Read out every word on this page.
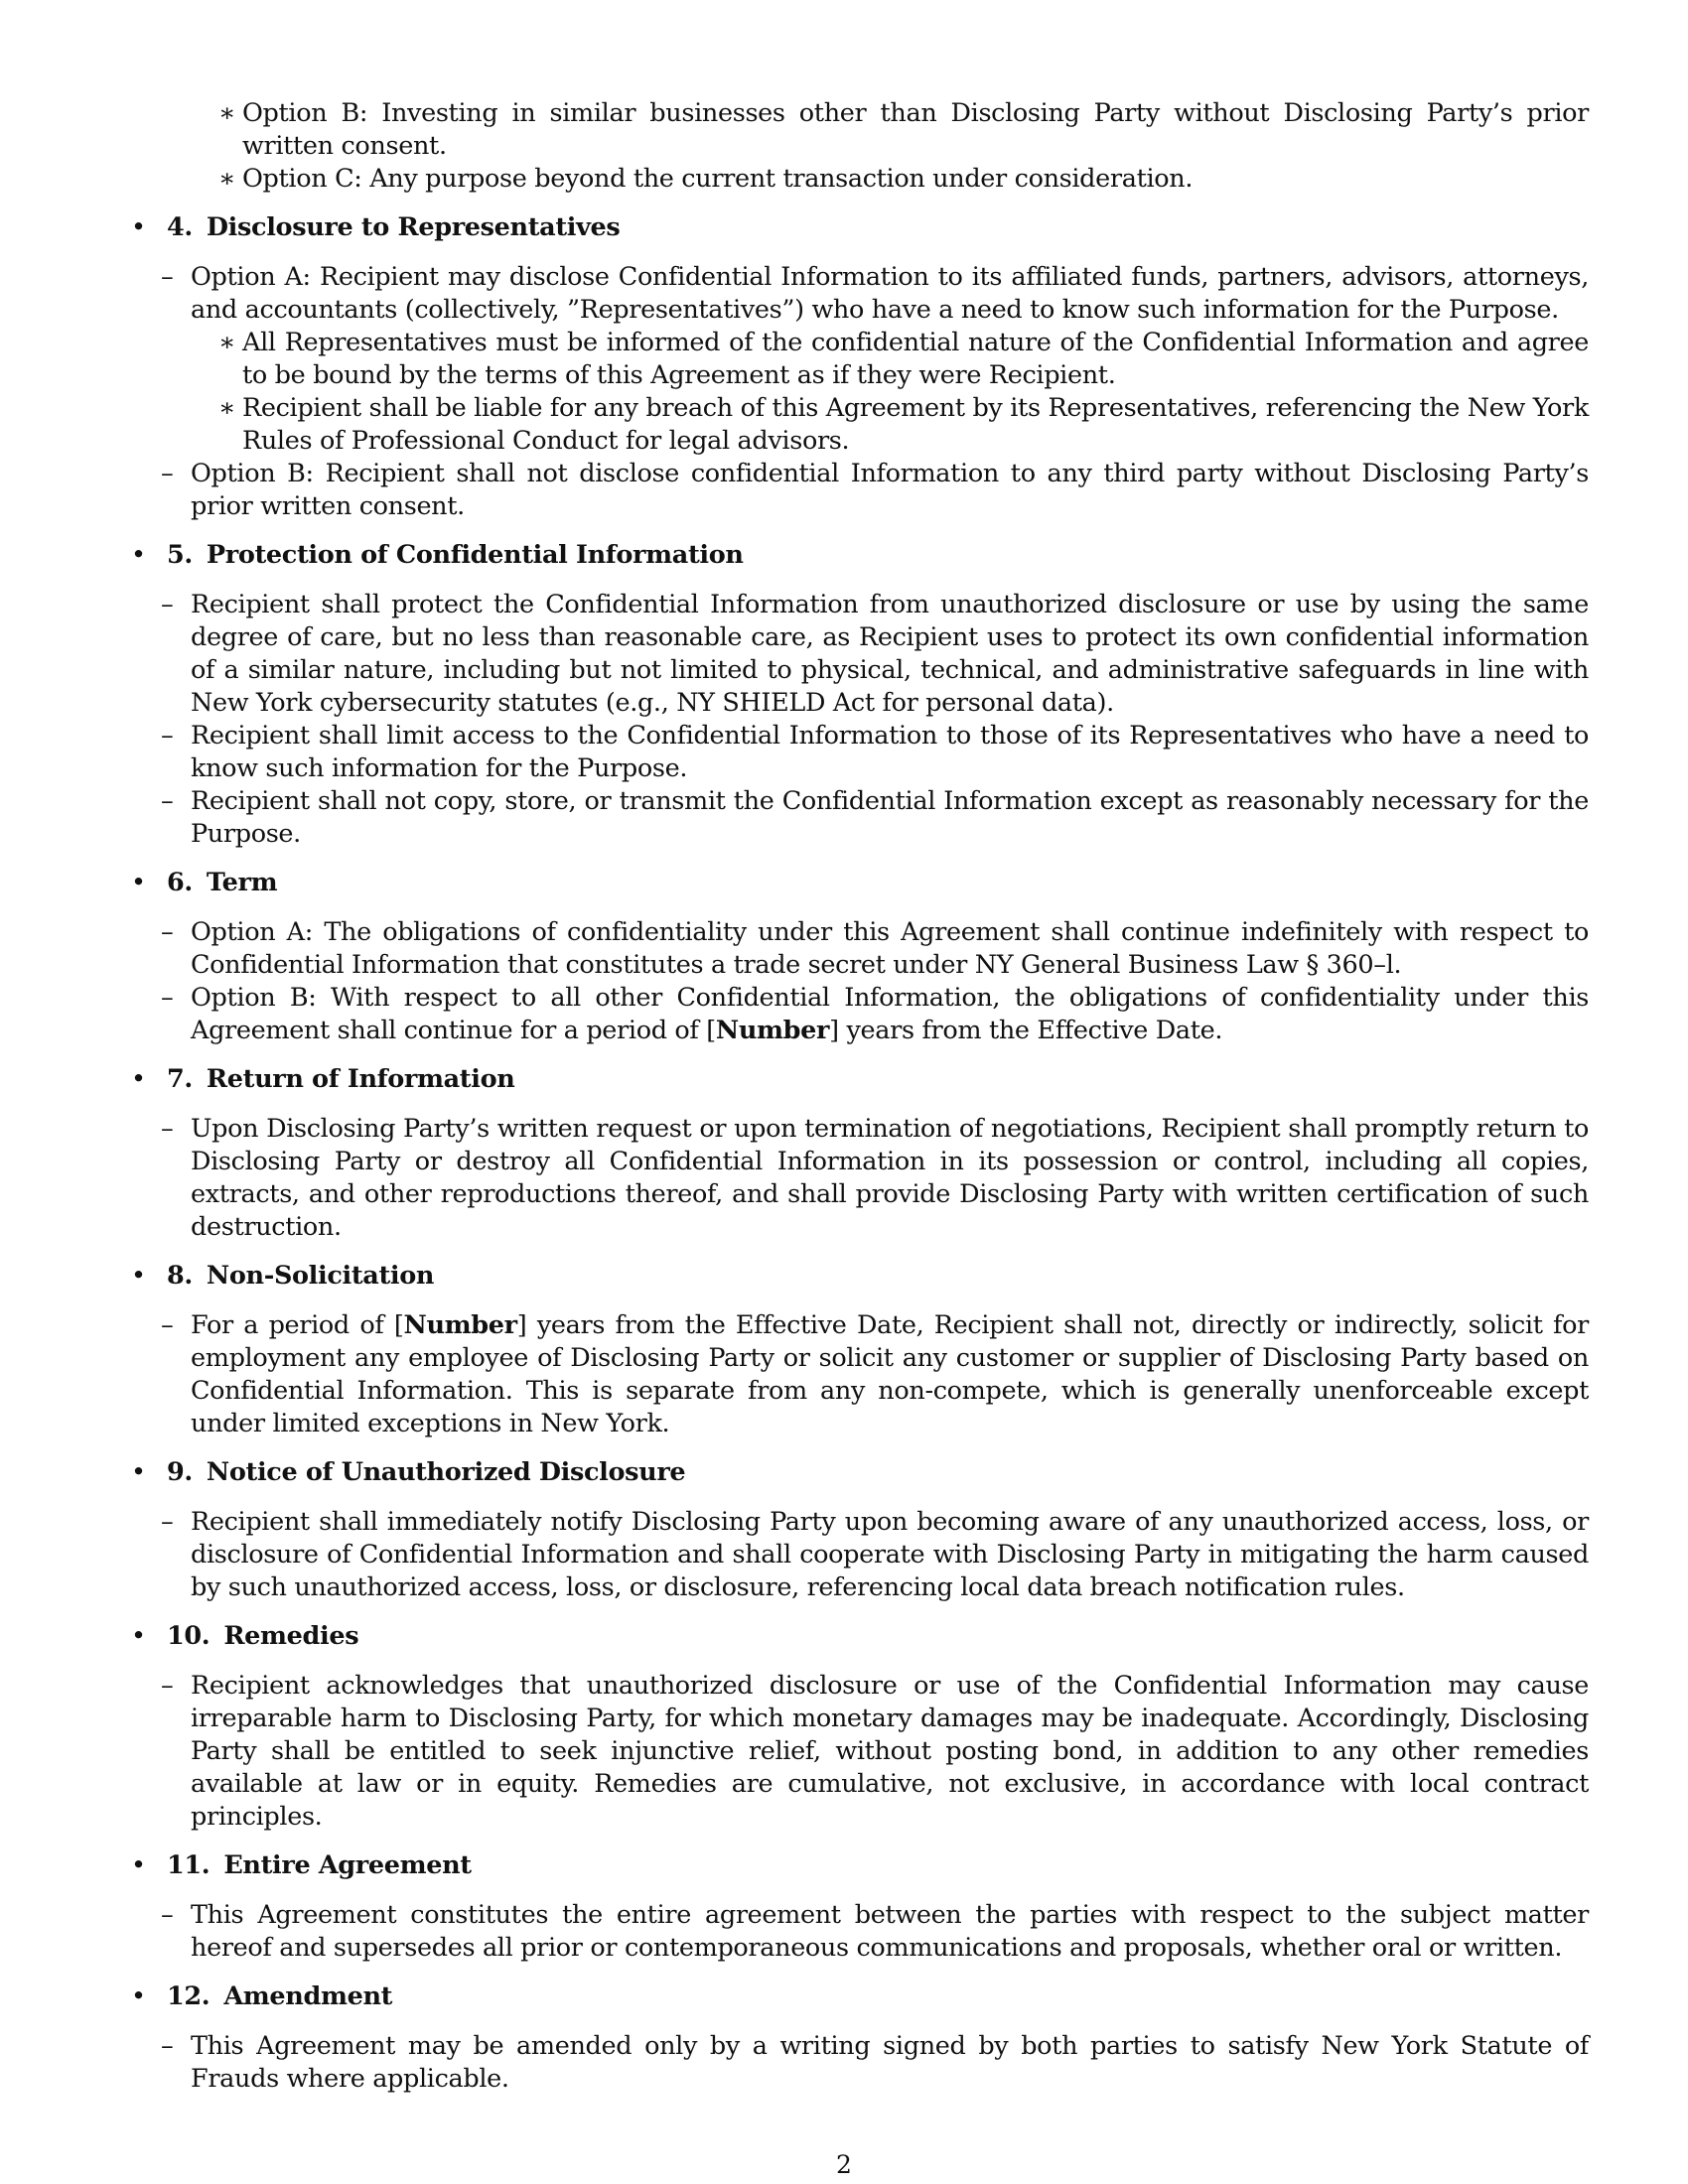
∗ Option B: Investing in similar businesses other than Disclosing Party without Disclosing Party’s prior written consent.
∗ Option C: Any purpose beyond the current transaction under consideration.
• 4. Disclosure to Representatives

– Option A: Recipient may disclose Confidential Information to its affiliated funds, partners, advisors, attorneys, and accountants (collectively, ”Representatives”) who have a need to know such information for the Purpose.
∗ All Representatives must be informed of the confidential nature of the Confidential Information and agree to be bound by the terms of this Agreement as if they were Recipient.
∗ Recipient shall be liable for any breach of this Agreement by its Representatives, referencing the New York Rules of Professional Conduct for legal advisors.
– Option B: Recipient shall not disclose confidential Information to any third party without Disclosing Party’s prior written consent.
• 5. Protection of Confidential Information

– Recipient shall protect the Confidential Information from unauthorized disclosure or use by using the same degree of care, but no less than reasonable care, as Recipient uses to protect its own confidential information of a similar nature, including but not limited to physical, technical, and administrative safeguards in line with New York cybersecurity statutes (e.g., NY SHIELD Act for personal data).
– Recipient shall limit access to the Confidential Information to those of its Representatives who have a need to know such information for the Purpose.
– Recipient shall not copy, store, or transmit the Confidential Information except as reasonably necessary for the Purpose.
• 6. Term

– Option A: The obligations of confidentiality under this Agreement shall continue indefinitely with respect to Confidential Information that constitutes a trade secret under NY General Business Law § 360–l.
– Option B: With respect to all other Confidential Information, the obligations of confidentiality under this Agreement shall continue for a period of [Number] years from the Effective Date.
• 7. Return of Information

– Upon Disclosing Party’s written request or upon termination of negotiations, Recipient shall promptly return to Disclosing Party or destroy all Confidential Information in its possession or control, including all copies, extracts, and other reproductions thereof, and shall provide Disclosing Party with written certification of such destruction.
• 8. Non-Solicitation

– For a period of [Number] years from the Effective Date, Recipient shall not, directly or indirectly, solicit for employment any employee of Disclosing Party or solicit any customer or supplier of Disclosing Party based on Confidential Information. This is separate from any non-compete, which is generally unenforceable except under limited exceptions in New York.
• 9. Notice of Unauthorized Disclosure

– Recipient shall immediately notify Disclosing Party upon becoming aware of any unauthorized access, loss, or disclosure of Confidential Information and shall cooperate with Disclosing Party in mitigating the harm caused by such unauthorized access, loss, or disclosure, referencing local data breach notification rules.
• 10. Remedies

– Recipient acknowledges that unauthorized disclosure or use of the Confidential Information may cause irreparable harm to Disclosing Party, for which monetary damages may be inadequate. Accordingly, Disclosing Party shall be entitled to seek injunctive relief, without posting bond, in addition to any other remedies available at law or in equity. Remedies are cumulative, not exclusive, in accordance with local contract principles.
• 11. Entire Agreement

– This Agreement constitutes the entire agreement between the parties with respect to the subject matter hereof and supersedes all prior or contemporaneous communications and proposals, whether oral or written.
• 12. Amendment

– This Agreement may be amended only by a writing signed by both parties to satisfy New York Statute of Frauds where applicable.
2
